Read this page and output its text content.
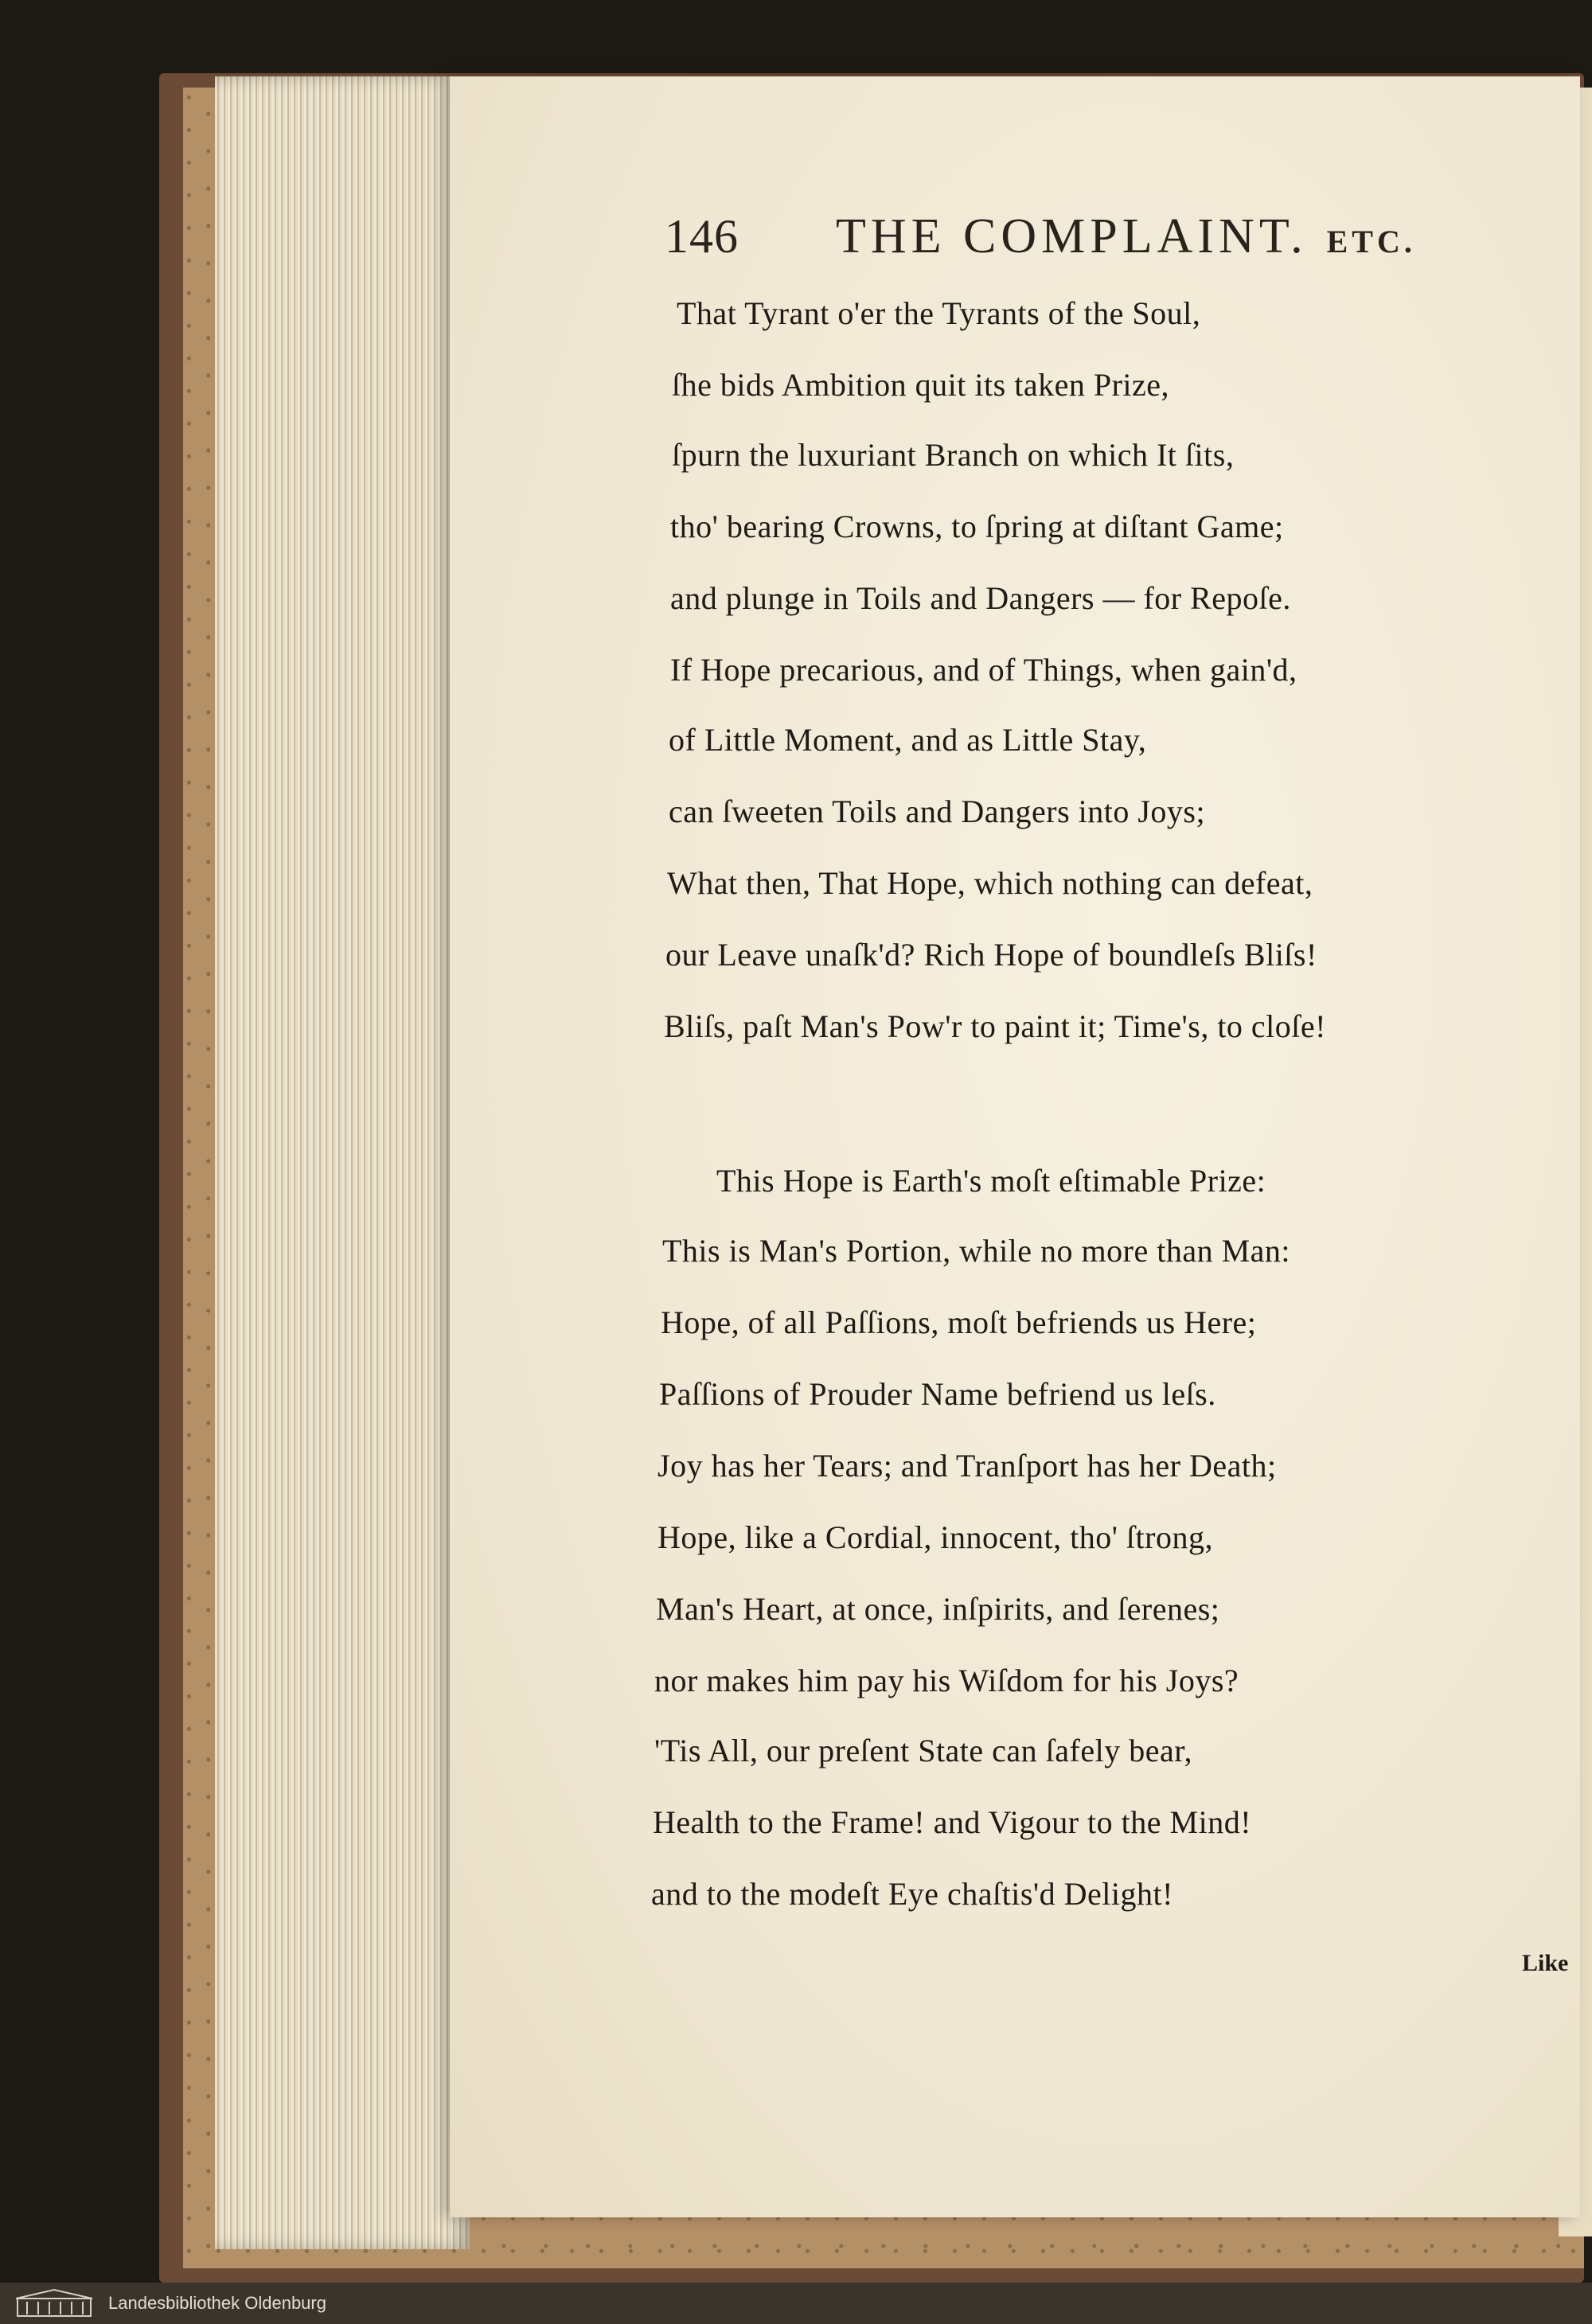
146 THE COMPLAINT. ETC.
That Tyrant o'er the Tyrants of the Soul,
ſhe bids Ambition quit its taken Prize,
ſpurn the luxuriant Branch on which It ſits,
tho' bearing Crowns, to ſpring at diſtant Game;
and plunge in Toils and Dangers — for Repoſe.
If Hope precarious, and of Things, when gain'd,
of Little Moment, and as Little Stay,
can ſweeten Toils and Dangers into Joys;
What then, That Hope, which nothing can defeat,
our Leave unaſk'd? Rich Hope of boundleſs Bliſs!
Bliſs, paſt Man's Pow'r to paint it; Time's, to cloſe!
This Hope is Earth's moſt eſtimable Prize:
This is Man's Portion, while no more than Man:
Hope, of all Paſſions, moſt befriends us Here;
Paſſions of Prouder Name befriend us leſs.
Joy has her Tears; and Tranſport has her Death;
Hope, like a Cordial, innocent, tho' ſtrong,
Man's Heart, at once, inſpirits, and ſerenes;
nor makes him pay his Wiſdom for his Joys?
'Tis All, our preſent State can ſafely bear,
Health to the Frame! and Vigour to the Mind!
and to the modeſt Eye chaſtis'd Delight!
Like
Landesbibliothek Oldenburg
